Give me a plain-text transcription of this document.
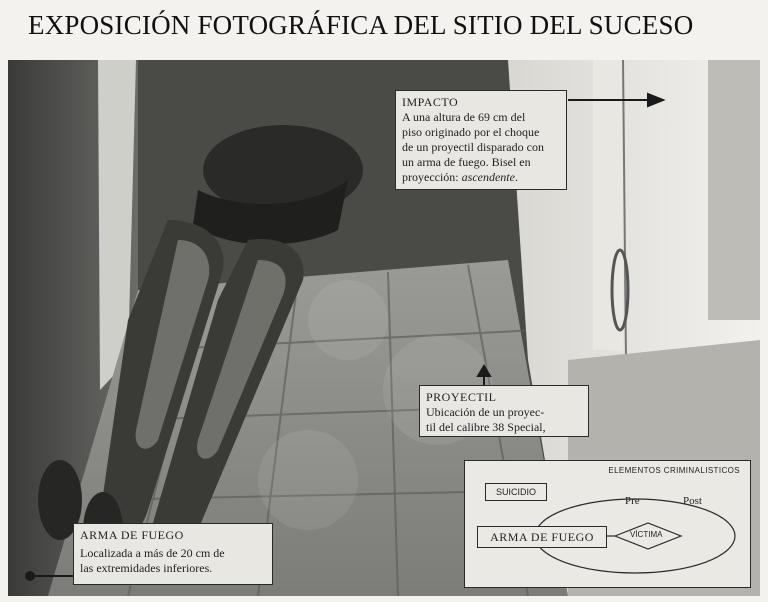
EXPOSICIÓN FOTOGRÁFICA DEL SITIO DEL SUCESO
IMPACTO
A una altura de 69 cm del
piso originado por el choque
de un proyectil disparado con
un arma de fuego. Bisel en
proyección: ascendente.
PROYECTIL
Ubicación de un proyec-
til del calibre 38 Special,
ARMA DE FUEGO
Localizada a más de 20 cm de
las extremidades inferiores.
ELEMENTOS CRIMINALISTICOS
SUICIDIO
ARMA DE FUEGO
Pre	Post
VÍCTIMA
